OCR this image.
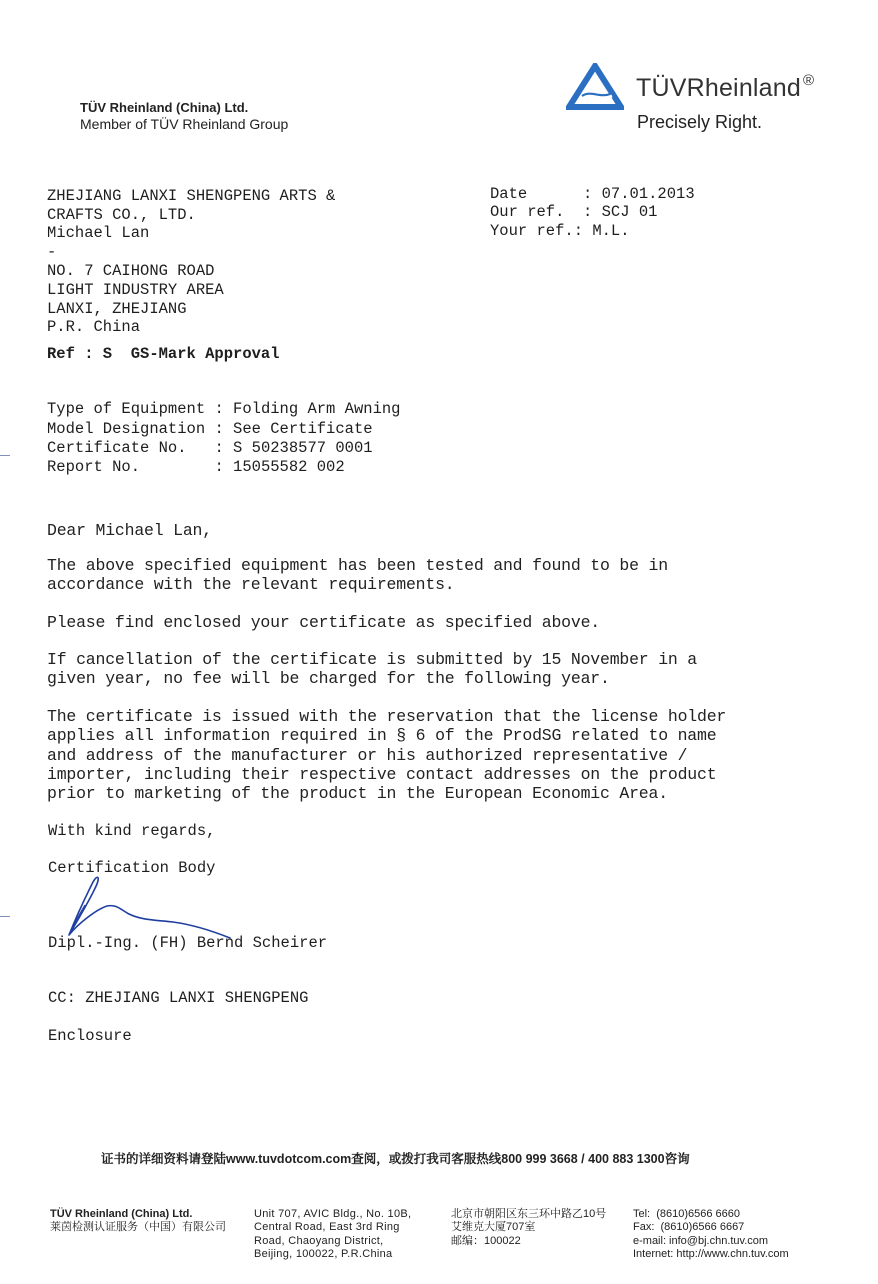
TÜV Rheinland (China) Ltd.
Member of TÜV Rheinland Group
TÜVRheinland ®
Precisely Right.

ZHEJIANG LANXI SHENGPENG ARTS &
CRAFTS CO., LTD.
Michael Lan
-
NO. 7 CAIHONG ROAD
LIGHT INDUSTRY AREA
LANXI, ZHEJIANG
P.R. China

Date      : 07.01.2013
Our ref.  : SCJ 01
Your ref.: M.L.

Ref : S  GS-Mark Approval

Type of Equipment : Folding Arm Awning
Model Designation : See Certificate
Certificate No.   : S 50238577 0001
Report No.        : 15055582 002

Dear Michael Lan,
The above specified equipment has been tested and found to be in
accordance with the relevant requirements.
Please find enclosed your certificate as specified above.
If cancellation of the certificate is submitted by 15 November in a
given year, no fee will be charged for the following year.
The certificate is issued with the reservation that the license holder
applies all information required in § 6 of the ProdSG related to name
and address of the manufacturer or his authorized representative /
importer, including their respective contact addresses on the product
prior to marketing of the product in the European Economic Area.
With kind regards,
Certification Body
Dipl.-Ing. (FH) Bernd Scheirer
CC: ZHEJIANG LANXI SHENGPENG
Enclosure
证书的详细资料请登陆www.tuvdotcom.com查阅，或拨打我司客服热线800 999 3668 / 400 883 1300咨询

TÜV Rheinland (China) Ltd.
莱茵检测认证服务（中国）有限公司

Unit 707, AVIC Bldg., No. 10B,
Central Road, East 3rd Ring
Road, Chaoyang District,
Beijing, 100022, P.R.China

北京市朝阳区东三环中路乙10号
艾维克大厦707室
邮编：100022

Tel:  (8610)6566 6660
Fax:  (8610)6566 6667
e-mail: info@bj.chn.tuv.com
Internet: http://www.chn.tuv.com
